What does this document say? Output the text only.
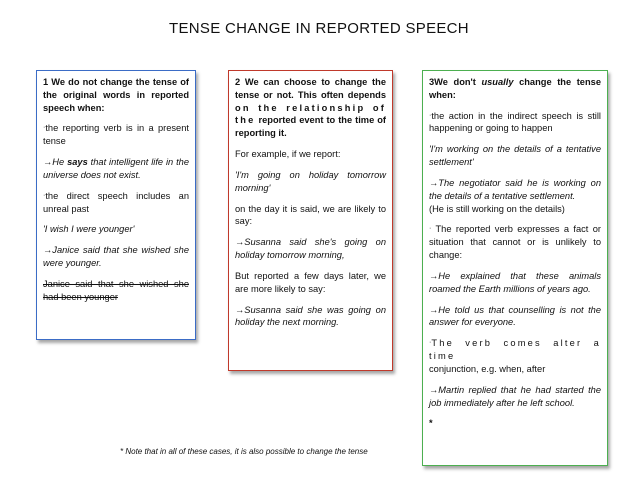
TENSE CHANGE IN REPORTED SPEECH

1 We do not change the tense of the original words in reported speech when:

·the reporting verb is in a present tense

→He says that intelligent life in the universe does not exist.

·the direct speech includes an unreal past

'I wish I were younger'

→Janice said that she wished she were younger.

Janice said that she wished she had been younger

2 We can choose to change the tense or not. This often depends on the relationship of the reported event to the time of reporting it.

For example, if we report:

'I'm going on holiday tomorrow morning'

on the day it is said, we are likely to say:

→Susanna said she's going on holiday tomorrow morning,

But reported a few days later, we are more likely to say:

→Susanna said she was going on holiday the next morning.

3We don't usually change the tense when:

·the action in the indirect speech is still happening or going to happen

'I'm working on the details of a tentative settlement'

→The negotiator said he is working on the details of a tentative settlement.
(He is still working on the details)

· The reported verb expresses a fact or situation that cannot or is unlikely to change:

→He explained that these animals roamed the Earth millions of years ago.

→He told us that counselling is not the answer for everyone.

·The verb comes alter a time
conjunction, e.g. when, after

→Martin replied that he had started the job immediately after he left school.

*

* Note that in all of these cases, it is also possible to change the tense
